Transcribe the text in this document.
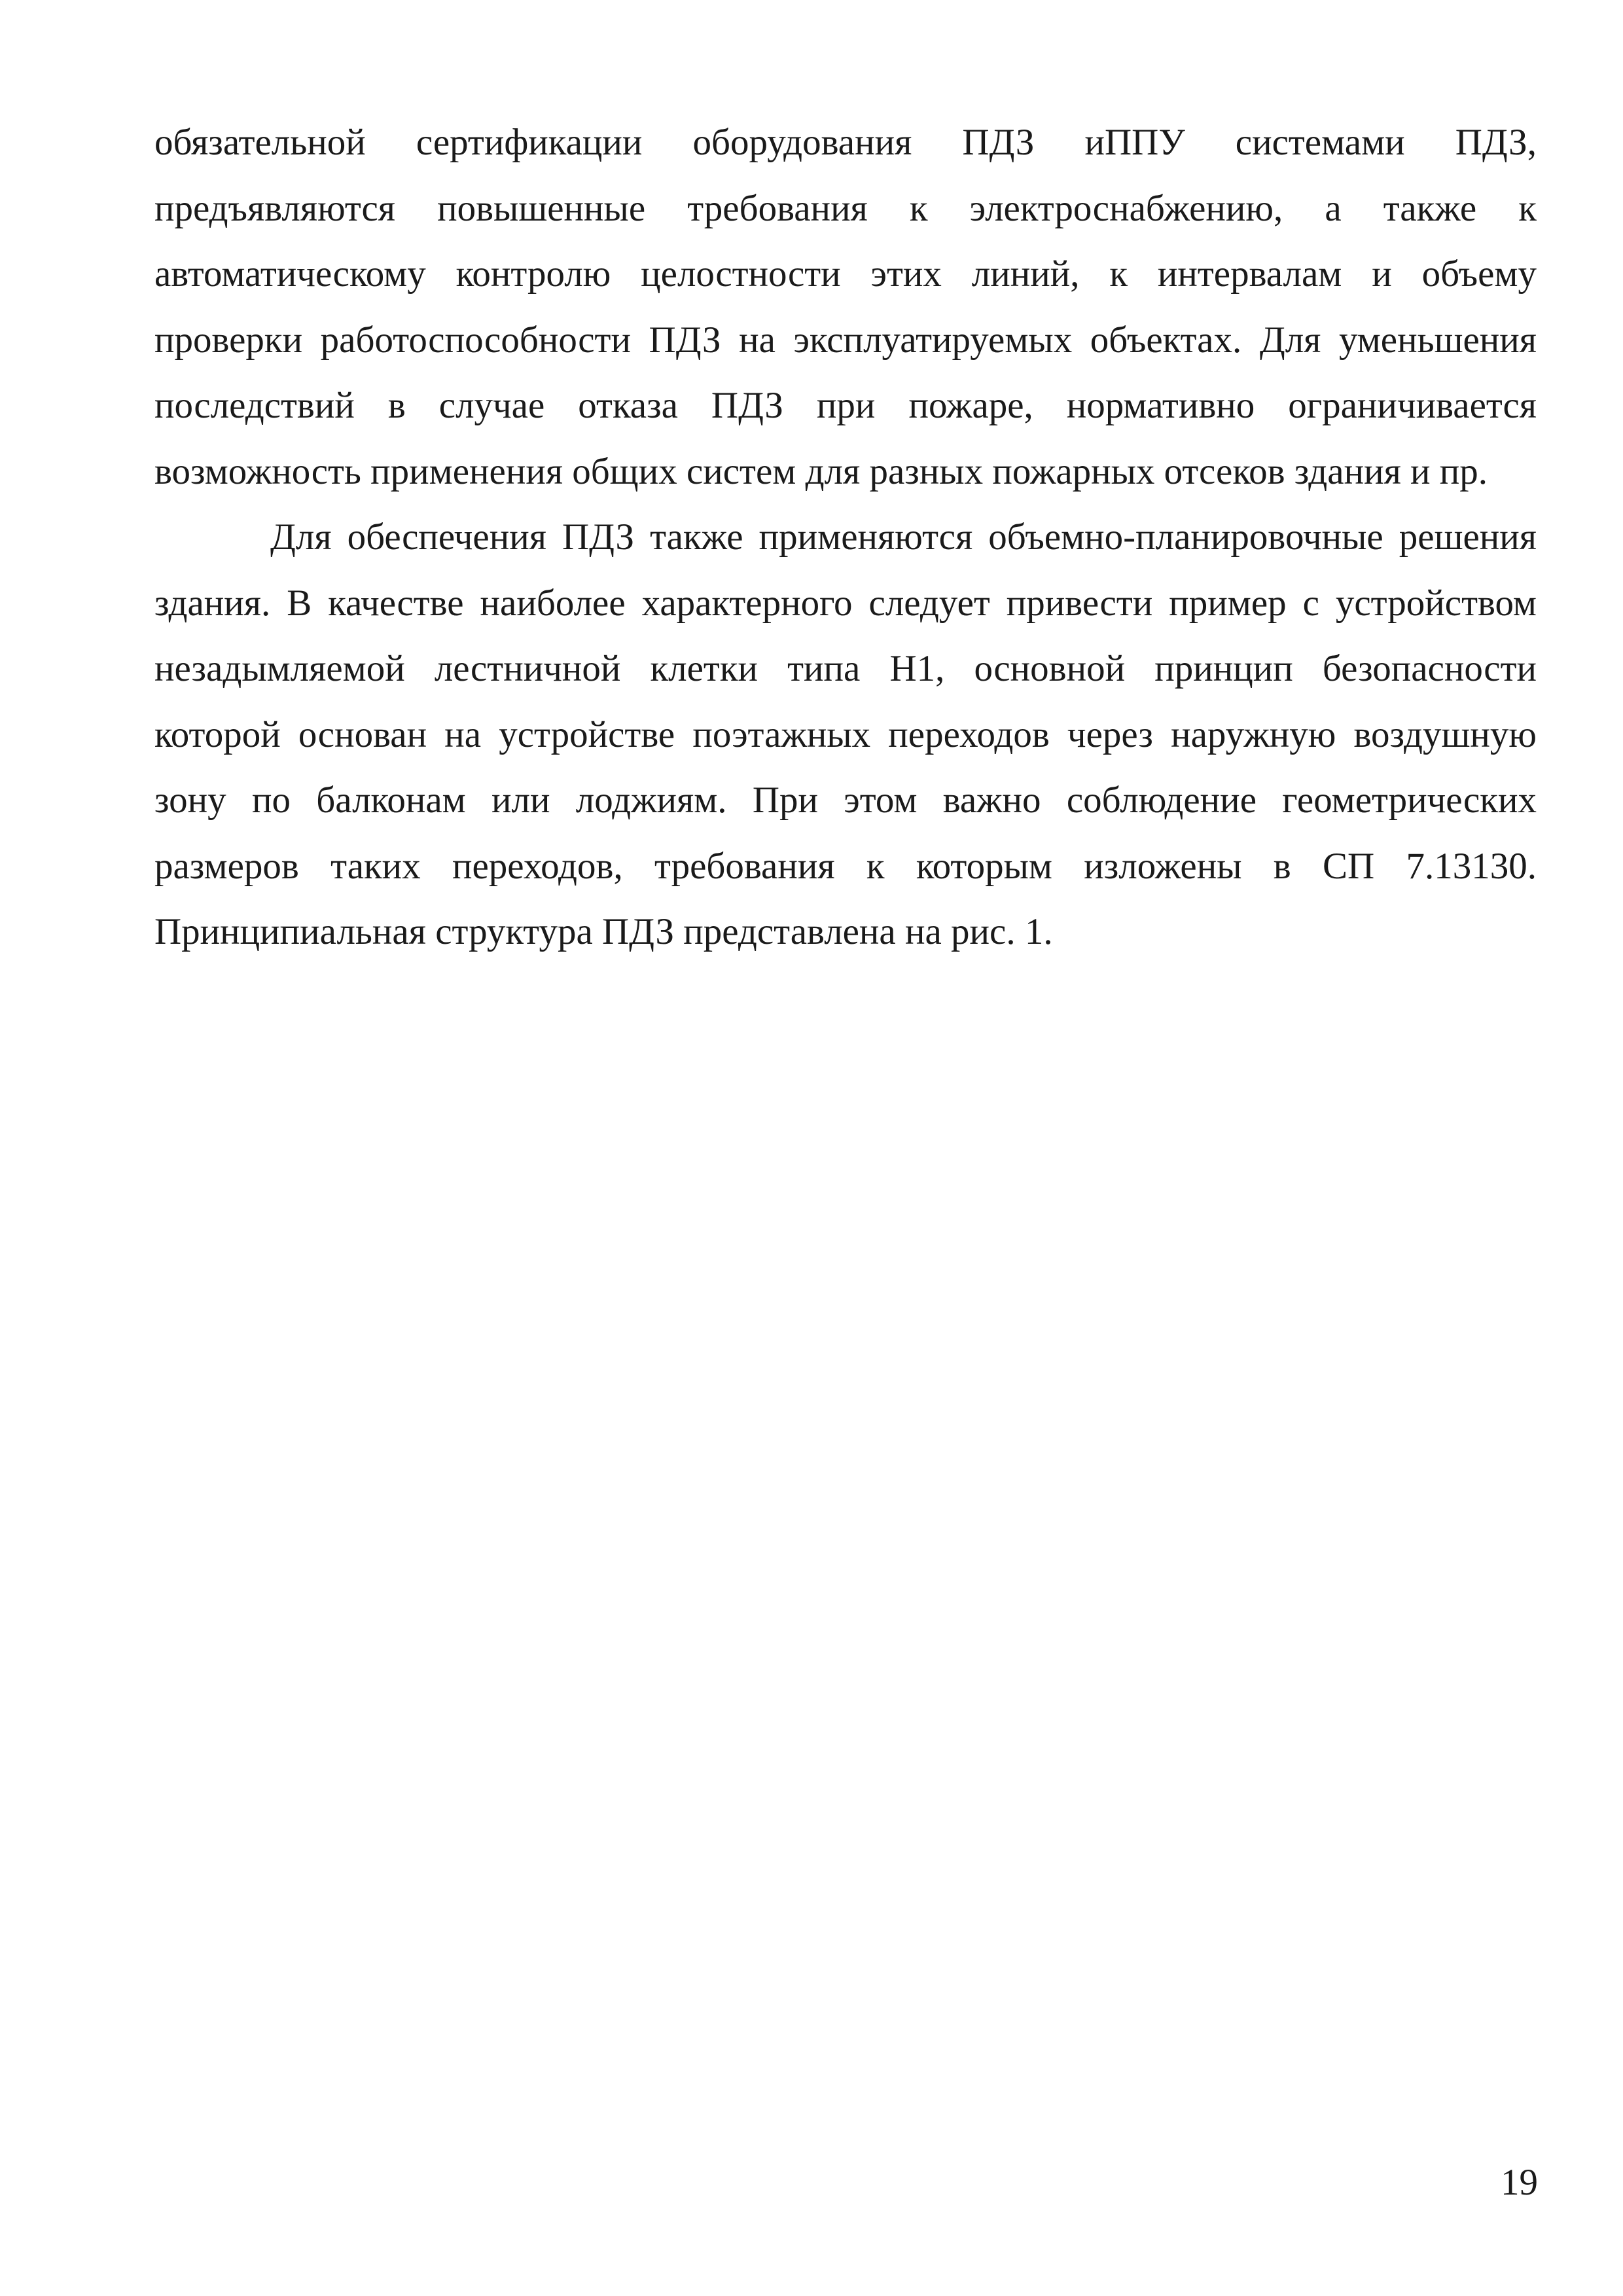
обязательной сертификации оборудования ПДЗ иППУ системами ПДЗ,
предъявляются повышенные требования к электроснабжению, а также к
автоматическому контролю целостности этих линий, к интервалам и объему
проверки работоспособности ПДЗ на эксплуатируемых объектах. Для уменьшения
последствий в случае отказа ПДЗ при пожаре, нормативно ограничивается
возможность применения общих систем для разных пожарных отсеков здания и пр.
Для обеспечения ПДЗ также применяются объемно-планировочные решения
здания. В качестве наиболее характерного следует привести пример с устройством
незадымляемой лестничной клетки типа Н1, основной принцип безопасности
которой основан на устройстве поэтажных переходов через наружную воздушную
зону по балконам или лоджиям. При этом важно соблюдение геометрических
размеров таких переходов, требования к которым изложены в СП 7.13130.
Принципиальная структура ПДЗ представлена на рис. 1.
19
